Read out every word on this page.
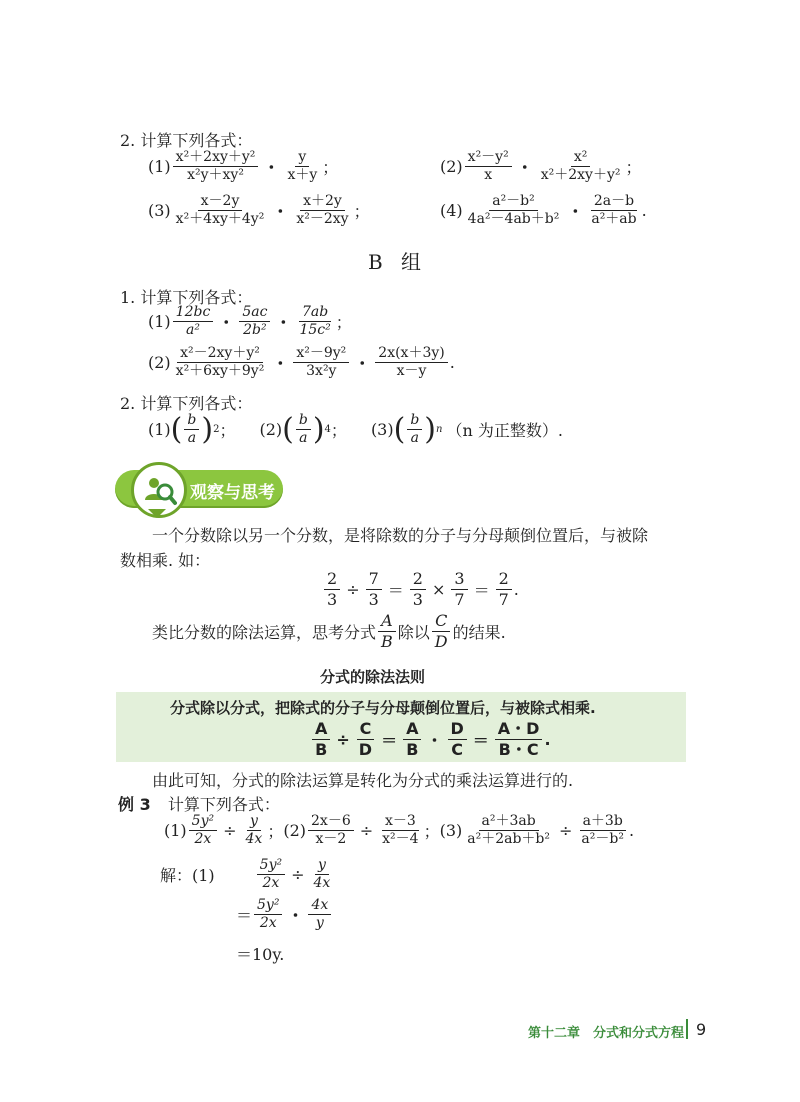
2. 计算下列各式：
$(1) \frac{\text{x²＋2xy＋y²}}{\text{x²y＋xy²}}$ ・ $\frac{y}{x+y}$ ；	$(2) \frac{\text{x²－y²}}{x}$ ・ $\frac{\text{x²}}{\text{x²＋2xy＋y²}}$ ；
$(3) \frac{x-2y}{\text{x²＋4xy＋4y²}}$ ・ $\frac{x+2y}{\text{x²－2xy}}$ ；	$(4) \frac{\text{a²－b²}}{\text{4a²－4ab＋b²}}$ ・ $\frac{2a-b}{\text{a²＋ab}}$ .
B 组
1. 计算下列各式：
$(1) \frac{12bc}{\text{a²}}$ ・ $\frac{5ac}{\text{2b²}}$ ・ $\frac{7ab}{\text{15c²}}$ ；
$(2) \frac{\text{x²－2xy＋y²}}{\text{x²＋6xy＋9y²}}$ ・ $\frac{\text{x²－9y²}}{\text{3x²y}}$ ・ $\frac{2x(x+3y)}{x-y}$ .
2. 计算下列各式：
(1) ( $\frac{b}{a}$ ) 2 ； (2) ( $\frac{b}{a}$ ) 4 ； (3) ( $\frac{b}{a}$ ) n （n 为正整数）.
观察与思考
一个分数除以另一个分数，是将除数的分子与分母颠倒位置后，与被除
数相乘. 如：
$\frac{2}{3} \div \frac{7}{3} = \frac{2}{3} \times \frac{3}{7} = \frac{2}{7}$ .
类比分数的除法运算，思考分式 $\frac{A}{B}$ 除以 $\frac{C}{D}$ 的结果.
分式的除法法则
分式除以分式，把除式的分子与分母颠倒位置后，与被除式相乘.
$\frac{A}{B} \div \frac{C}{D} = \frac{A}{B}$ ・ $\frac{D}{C} = \frac{A・D}{B・C}$ .
由此可知，分式的除法运算是转化为分式的乘法运算进行的.
例 3 计算下列各式：
$(1) \frac{\text{5y²}}{2x} \div \frac{y}{4x}$ ； $(2) \frac{2x-6}{x-2} \div \frac{x-3}{\text{x²－4}}$ ； $(3) \frac{\text{a²＋3ab}}{\text{a²＋2ab＋b²}} \div \frac{a+3b}{\text{a²－b²}}$ .
解：(1)	$\frac{\text{5y²}}{2x} \div \frac{y}{4x}$
＝ $\frac{\text{5y²}}{2x}$ ・ $\frac{4x}{y}$
＝10y.
第十二章　分式和分式方程 9
